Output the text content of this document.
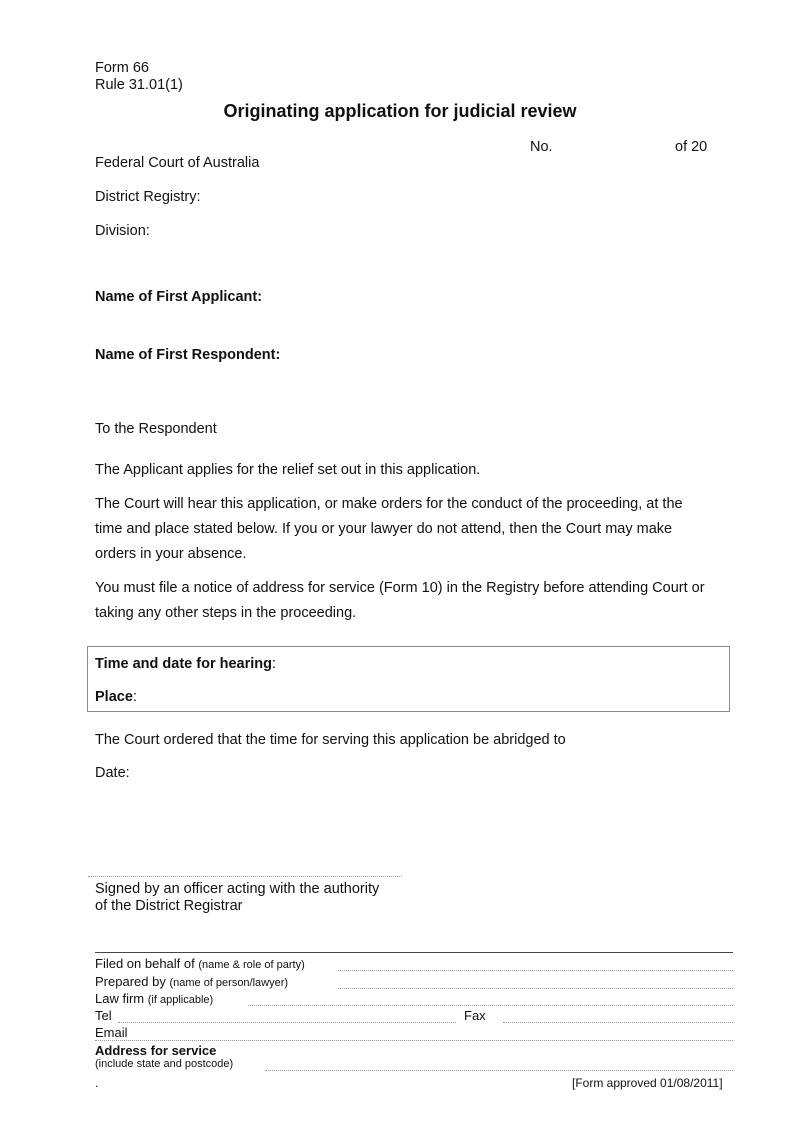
Form 66
Rule 31.01(1)
Originating application for judicial review
No.	of 20
Federal Court of Australia
District Registry:
Division:
Name of First Applicant:
Name of First Respondent:
To the Respondent
The Applicant applies for the relief set out in this application.
The Court will hear this application, or make orders for the conduct of the proceeding, at the
time and place stated below. If you or your lawyer do not attend, then the Court may make
orders in your absence.
You must file a notice of address for service (Form 10) in the Registry before attending Court or
taking any other steps in the proceeding.
Time and date for hearing:
Place:
The Court ordered that the time for serving this application be abridged to
Date:
Signed by an officer acting with the authority
of the District Registrar
Filed on behalf of (name & role of party)
Prepared by (name of person/lawyer)
Law firm (if applicable)
Tel	Fax
Email
Address for service
(include state and postcode)
.	[Form approved 01/08/2011]
